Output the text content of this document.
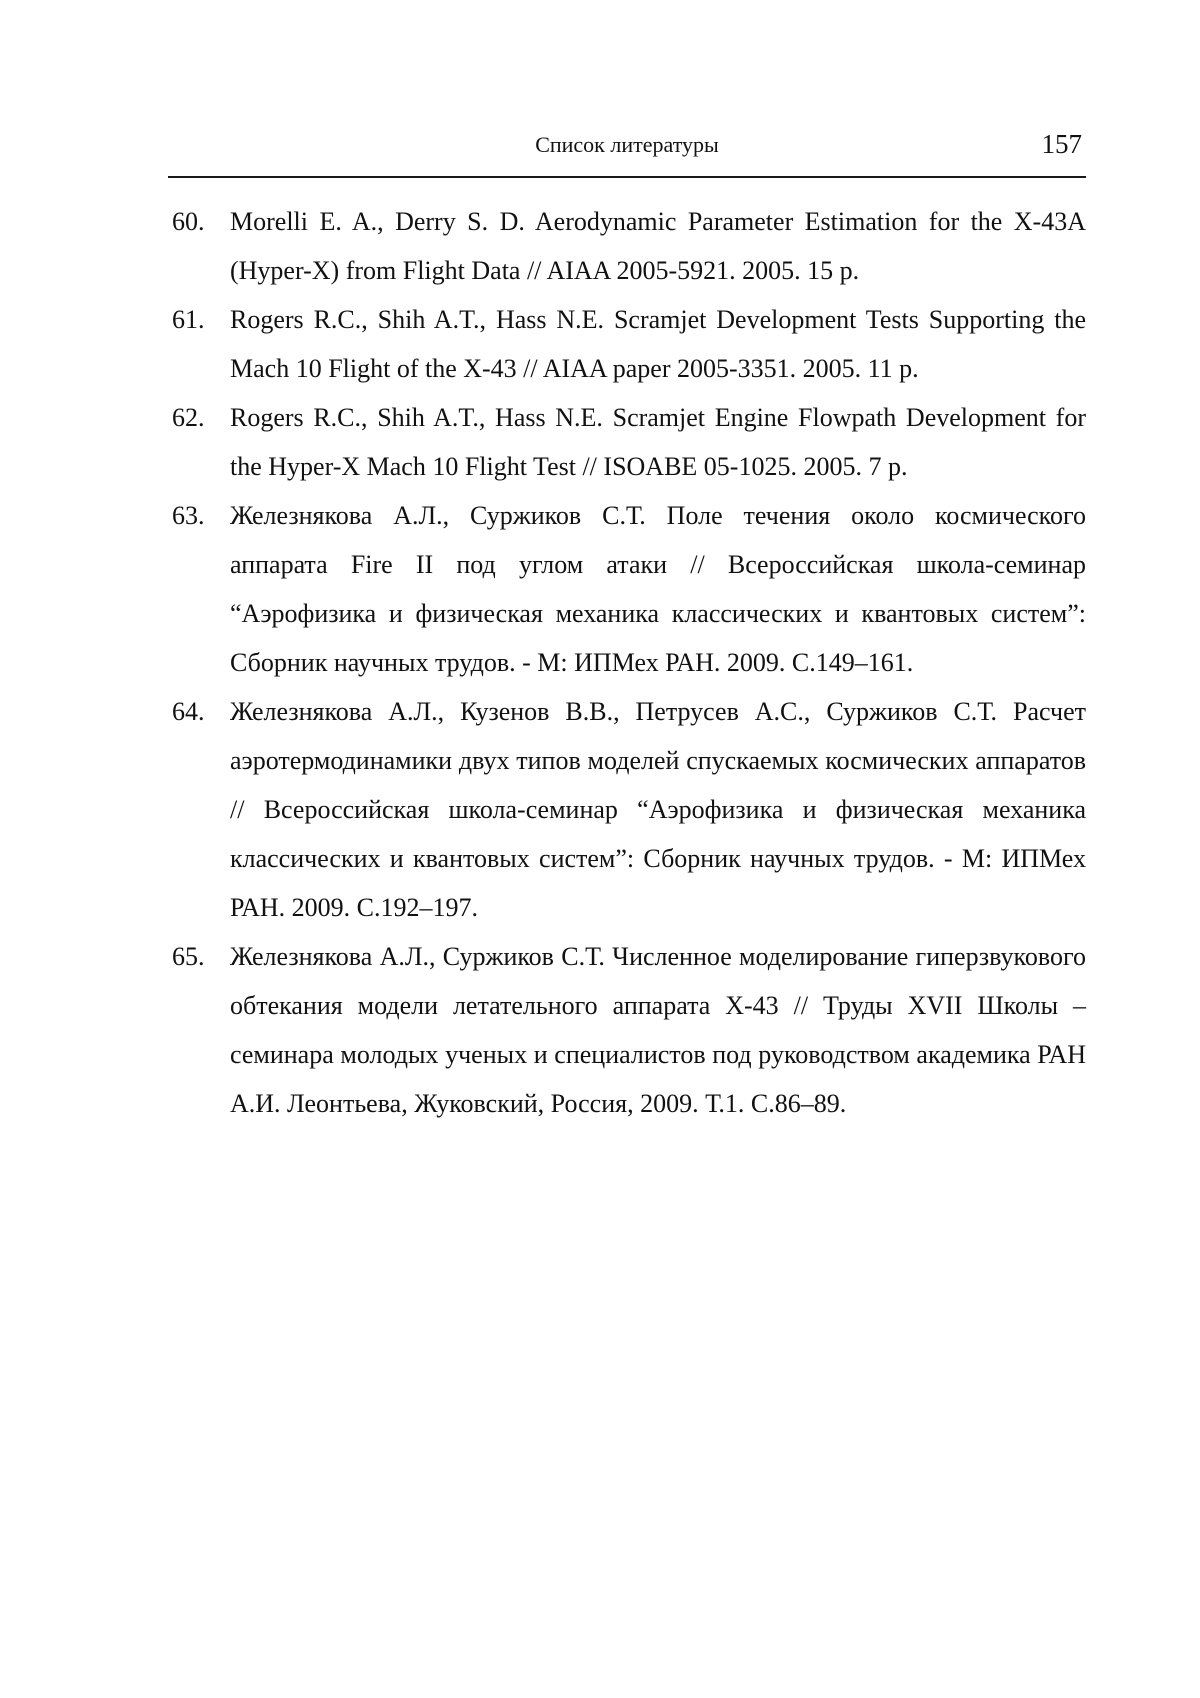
Список литературы	157
60. Morelli E. A., Derry S. D. Aerodynamic Parameter Estimation for the X-43A (Hyper-X) from Flight Data // AIAA 2005-5921. 2005. 15 p.
61. Rogers R.C., Shih A.T., Hass N.E. Scramjet Development Tests Supporting the Mach 10 Flight of the X-43 // AIAA paper 2005-3351. 2005. 11 p.
62. Rogers R.C., Shih A.T., Hass N.E. Scramjet Engine Flowpath Development for the Hyper-X Mach 10 Flight Test // ISOABE 05-1025. 2005. 7 p.
63. Железнякова А.Л., Суржиков С.Т. Поле течения около космического аппарата Fire II под углом атаки // Всероссийская школа-семинар “Аэрофизика и физическая механика классических и квантовых систем”: Сборник научных трудов. - М: ИПМех РАН. 2009. С.149–161.
64. Железнякова А.Л., Кузенов В.В., Петрусев А.С., Суржиков С.Т. Расчет аэротермодинамики двух типов моделей спускаемых космических аппаратов // Всероссийская школа-семинар “Аэрофизика и физическая механика классических и квантовых систем”: Сборник научных трудов. - М: ИПМех РАН. 2009. С.192–197.
65. Железнякова А.Л., Суржиков С.Т. Численное моделирование гиперзвукового обтекания модели летательного аппарата X-43 // Труды XVII Школы – семинара молодых ученых и специалистов под руководством академика РАН А.И. Леонтьева, Жуковский, Россия, 2009. Т.1. С.86–89.
